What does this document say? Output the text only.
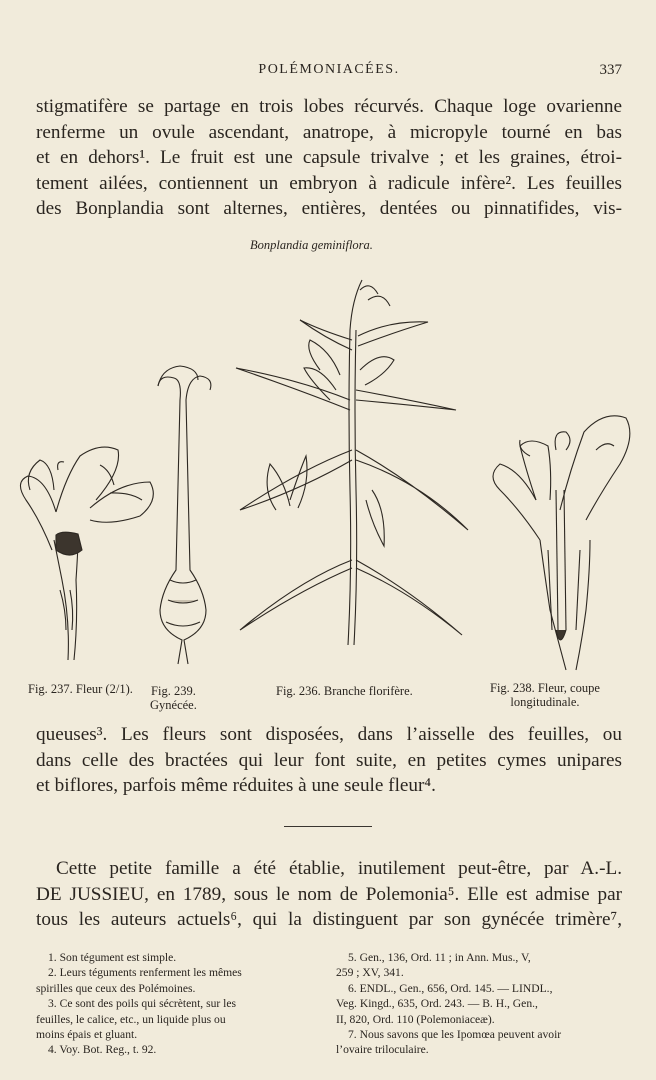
POLÉMONIACÉES.	337
stigmatifère se partage en trois lobes récurvés. Chaque loge ovarienne
renferme un ovule ascendant, anatrope, à micropyle tourné en bas
et en dehors¹. Le fruit est une capsule trivalve ; et les graines, étroi-
tement ailées, contiennent un embryon à radicule infère². Les feuilles
des Bonplandia sont alternes, entières, dentées ou pinnatifides, vis-
Bonplandia geminiflora.
Fig. 237. Fleur (2/1). Fig. 239.
Gynécée.
Fig. 236. Branche florifère.	Fig. 238. Fleur, coupe
longitudinale.
queuses³. Les fleurs sont disposées, dans l’aisselle des feuilles, ou
dans celle des bractées qui leur font suite, en petites cymes unipares
et biflores, parfois même réduites à une seule fleur⁴.
Cette petite famille a été établie, inutilement peut-être, par A.-L.
DE JUSSIEU, en 1789, sous le nom de Polemonia⁵. Elle est admise par
tous les auteurs actuels⁶, qui la distinguent par son gynécée trimère⁷,
1. Son tégument est simple.
2. Leurs téguments renferment les mêmes
spirilles que ceux des Polémoines.
3. Ce sont des poils qui sécrètent, sur les
feuilles, le calice, etc., un liquide plus ou
moins épais et gluant.
4. Voy. Bot. Reg., t. 92.
5. Gen., 136, Ord. 11 ; in Ann. Mus., V,
259 ; XV, 341.
6. ENDL., Gen., 656, Ord. 145. — LINDL.,
Veg. Kingd., 635, Ord. 243. — B. H., Gen.,
II, 820, Ord. 110 (Polemoniaceæ).
7. Nous savons que les Ipomœa peuvent avoir
l’ovaire triloculaire.
